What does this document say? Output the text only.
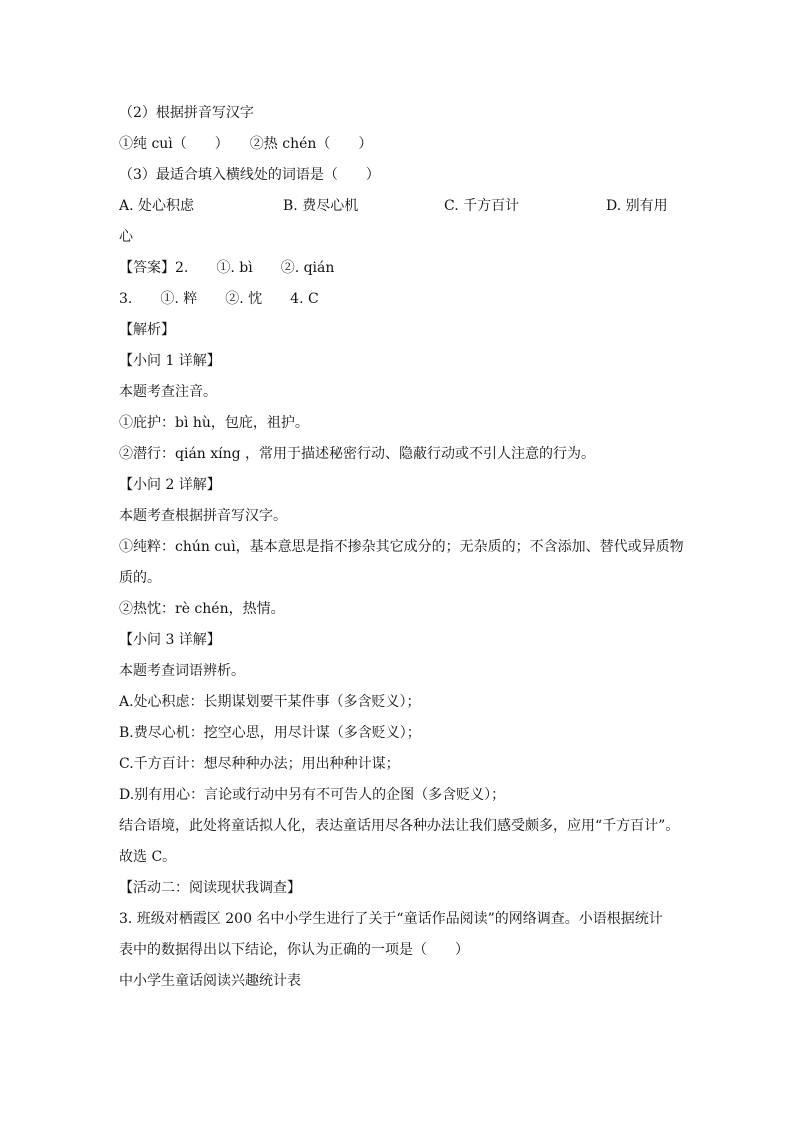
（2）根据拼音写汉字
①纯 cuì（　　）　　②热 chén（　　）
（3）最适合填入横线处的词语是（　　）
A. 处心积虑	B. 费尽心机	C. 千方百计	D. 别有用
心
【答案】2.　　①. bì　　②. qián
3.　　①. 粹　　②. 忱　　4. C
【解析】
【小问 1 详解】
本题考查注音。
①庇护：bì hù，包庇，祖护。
②潜行：qián xíng ，常用于描述秘密行动、隐蔽行动或不引人注意的行为。
【小问 2 详解】
本题考查根据拼音写汉字。
①纯粹：chún cuì，基本意思是指不掺杂其它成分的；无杂质的；不含添加、替代或异质物
质的。
②热忱：rè chén，热情。
【小问 3 详解】
本题考查词语辨析。
A.处心积虑：长期谋划要干某件事（多含贬义）；
B.费尽心机：挖空心思，用尽计谋（多含贬义）；
C.千方百计：想尽种种办法；用出种种计谋；
D.别有用心：言论或行动中另有不可告人的企图（多含贬义）；
结合语境，此处将童话拟人化，表达童话用尽各种办法让我们感受颇多，应用“千方百计”。
故选 C。
【活动二：阅读现状我调查】
3. 班级对栖霞区 200 名中小学生进行了关于“童话作品阅读”的网络调查。小语根据统计
表中的数据得出以下结论，你认为正确的一项是（　　）
中小学生童话阅读兴趣统计表
